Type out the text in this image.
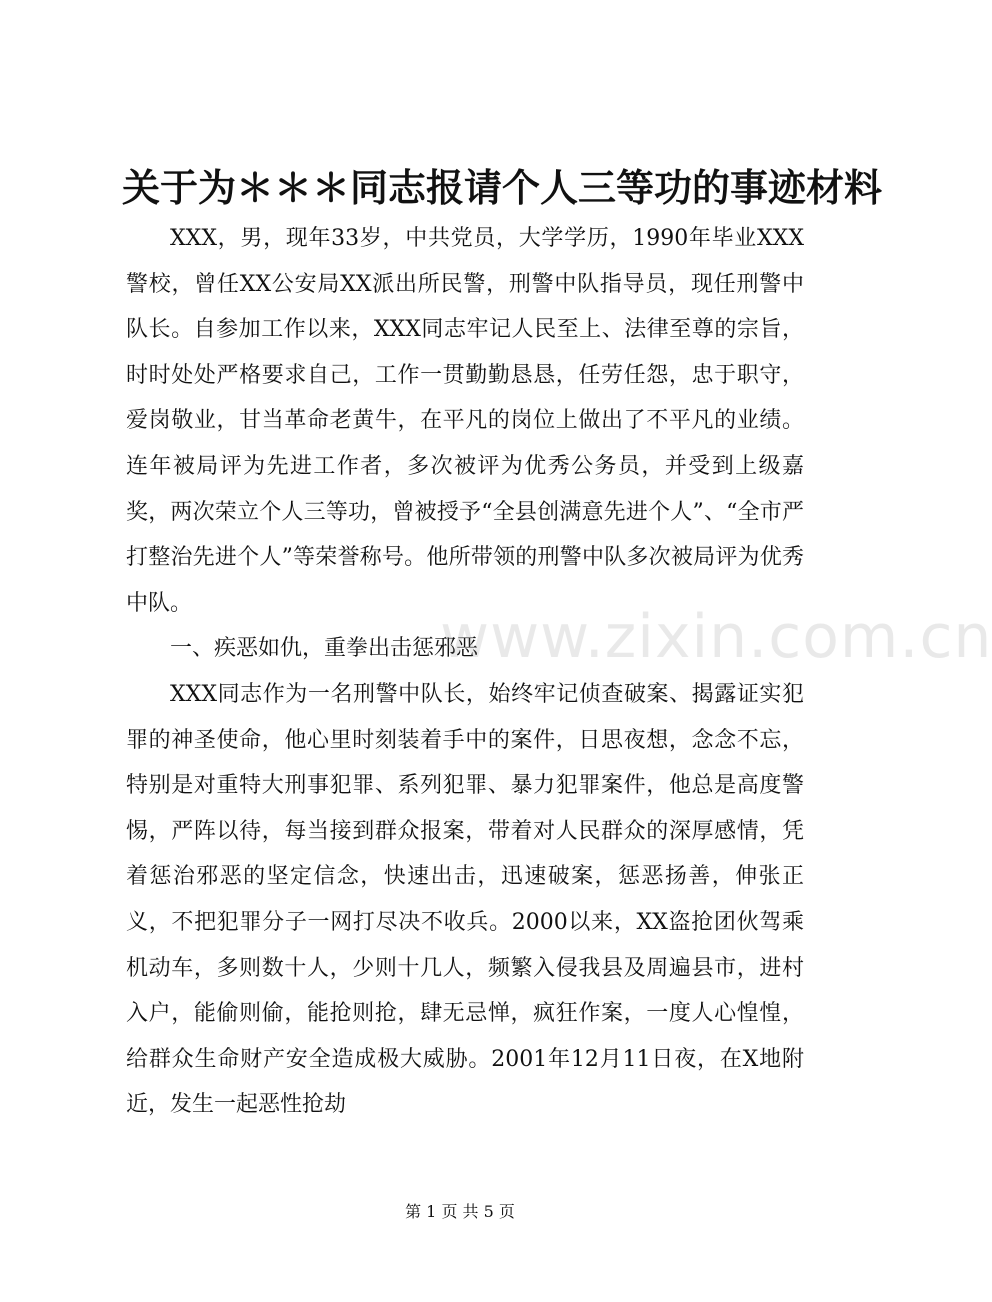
关于为＊＊＊同志报请个人三等功的事迹材料

XXX，男，现年33岁，中共党员，大学学历，1990年毕业XXX警校，曾任XX公安局XX派出所民警，刑警中队指导员，现任刑警中队长。自参加工作以来，XXX同志牢记人民至上、法律至尊的宗旨，时时处处严格要求自己，工作一贯勤勤恳恳，任劳任怨，忠于职守，爱岗敬业，甘当革命老黄牛，在平凡的岗位上做出了不平凡的业绩。连年被局评为先进工作者，多次被评为优秀公务员，并受到上级嘉奖，两次荣立个人三等功，曾被授予“全县创满意先进个人”、“全市严打整治先进个人”等荣誉称号。他所带领的刑警中队多次被局评为优秀中队。

一、疾恶如仇，重拳出击惩邪恶

XXX同志作为一名刑警中队长，始终牢记侦查破案、揭露证实犯罪的神圣使命，他心里时刻装着手中的案件，日思夜想，念念不忘，特别是对重特大刑事犯罪、系列犯罪、暴力犯罪案件，他总是高度警惕，严阵以待，每当接到群众报案，带着对人民群众的深厚感情，凭着惩治邪恶的坚定信念，快速出击，迅速破案，惩恶扬善，伸张正义，不把犯罪分子一网打尽决不收兵。2000以来，XX盗抢团伙驾乘机动车，多则数十人，少则十几人，频繁入侵我县及周遍县市，进村入户，能偷则偷，能抢则抢，肆无忌惮，疯狂作案，一度人心惶惶，给群众生命财产安全造成极大威胁。2001年12月11日夜，在X地附近，发生一起恶性抢劫

www.zixin.com.cn
第 1 页 共 5 页
